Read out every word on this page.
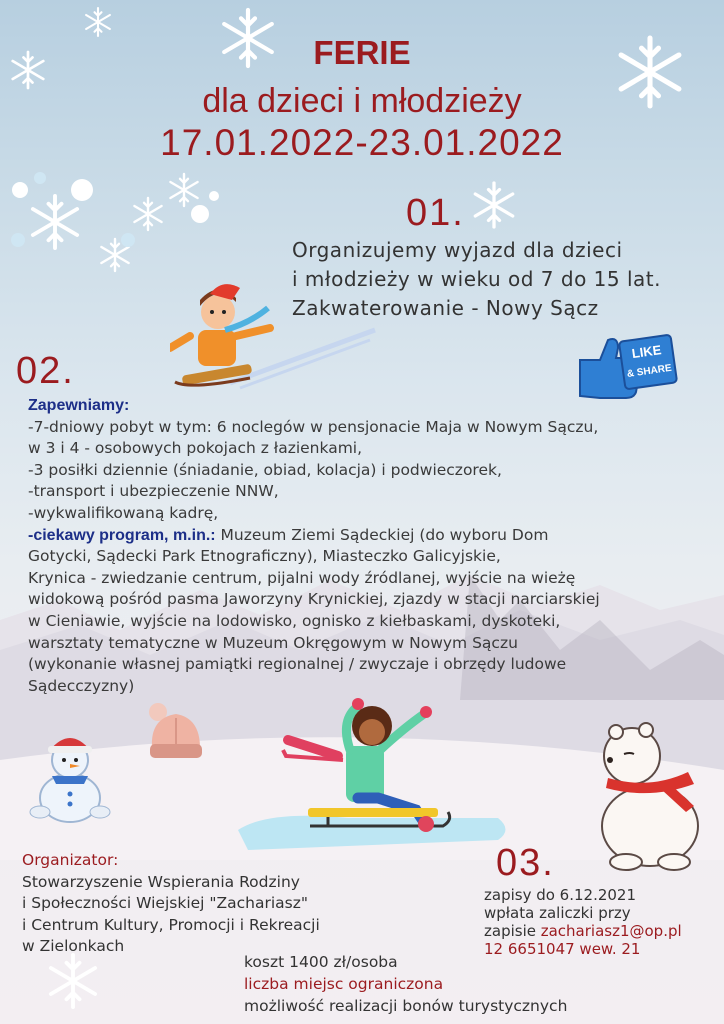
FERIE
dla dzieci i młodzieży
17.01.2022-23.01.2022
01.
Organizujemy wyjazd dla dzieci
i młodzieży w wieku od 7 do 15 lat.
Zakwaterowanie - Nowy Sącz
LIKE
& SHARE
02.
Zapewniamy:
-7-dniowy pobyt w tym: 6 noclegów w pensjonacie Maja w Nowym Sączu,
w 3 i 4 - osobowych pokojach z łazienkami,
-3 posiłki dziennie (śniadanie, obiad, kolacja) i podwieczorek,
-transport i ubezpieczenie NNW,
-wykwalifikowaną kadrę,
-ciekawy program, m.in.: Muzeum Ziemi Sądeckiej (do wyboru Dom
Gotycki, Sądecki Park Etnograficzny), Miasteczko Galicyjskie,
Krynica - zwiedzanie centrum, pijalni wody źródlanej, wyjście na wieżę
widokową pośród pasma Jaworzyny Krynickiej, zjazdy w stacji narciarskiej
w Cieniawie, wyjście na lodowisko, ognisko z kiełbaskami, dyskoteki,
warsztaty tematyczne w Muzeum Okręgowym w Nowym Sączu
(wykonanie własnej pamiątki regionalnej / zwyczaje i obrzędy ludowe
Sądecczyzny)
Organizator:
Stowarzyszenie Wspierania Rodziny
i Społeczności Wiejskiej "Zachariasz"
i Centrum Kultury, Promocji i Rekreacji
w Zielonkach
03.
zapisy do 6.12.2021
wpłata zaliczki przy
zapisie zachariasz1@op.pl
12 6651047 wew. 21
koszt 1400 zł/osoba
liczba miejsc ograniczona
możliwość realizacji bonów turystycznych
